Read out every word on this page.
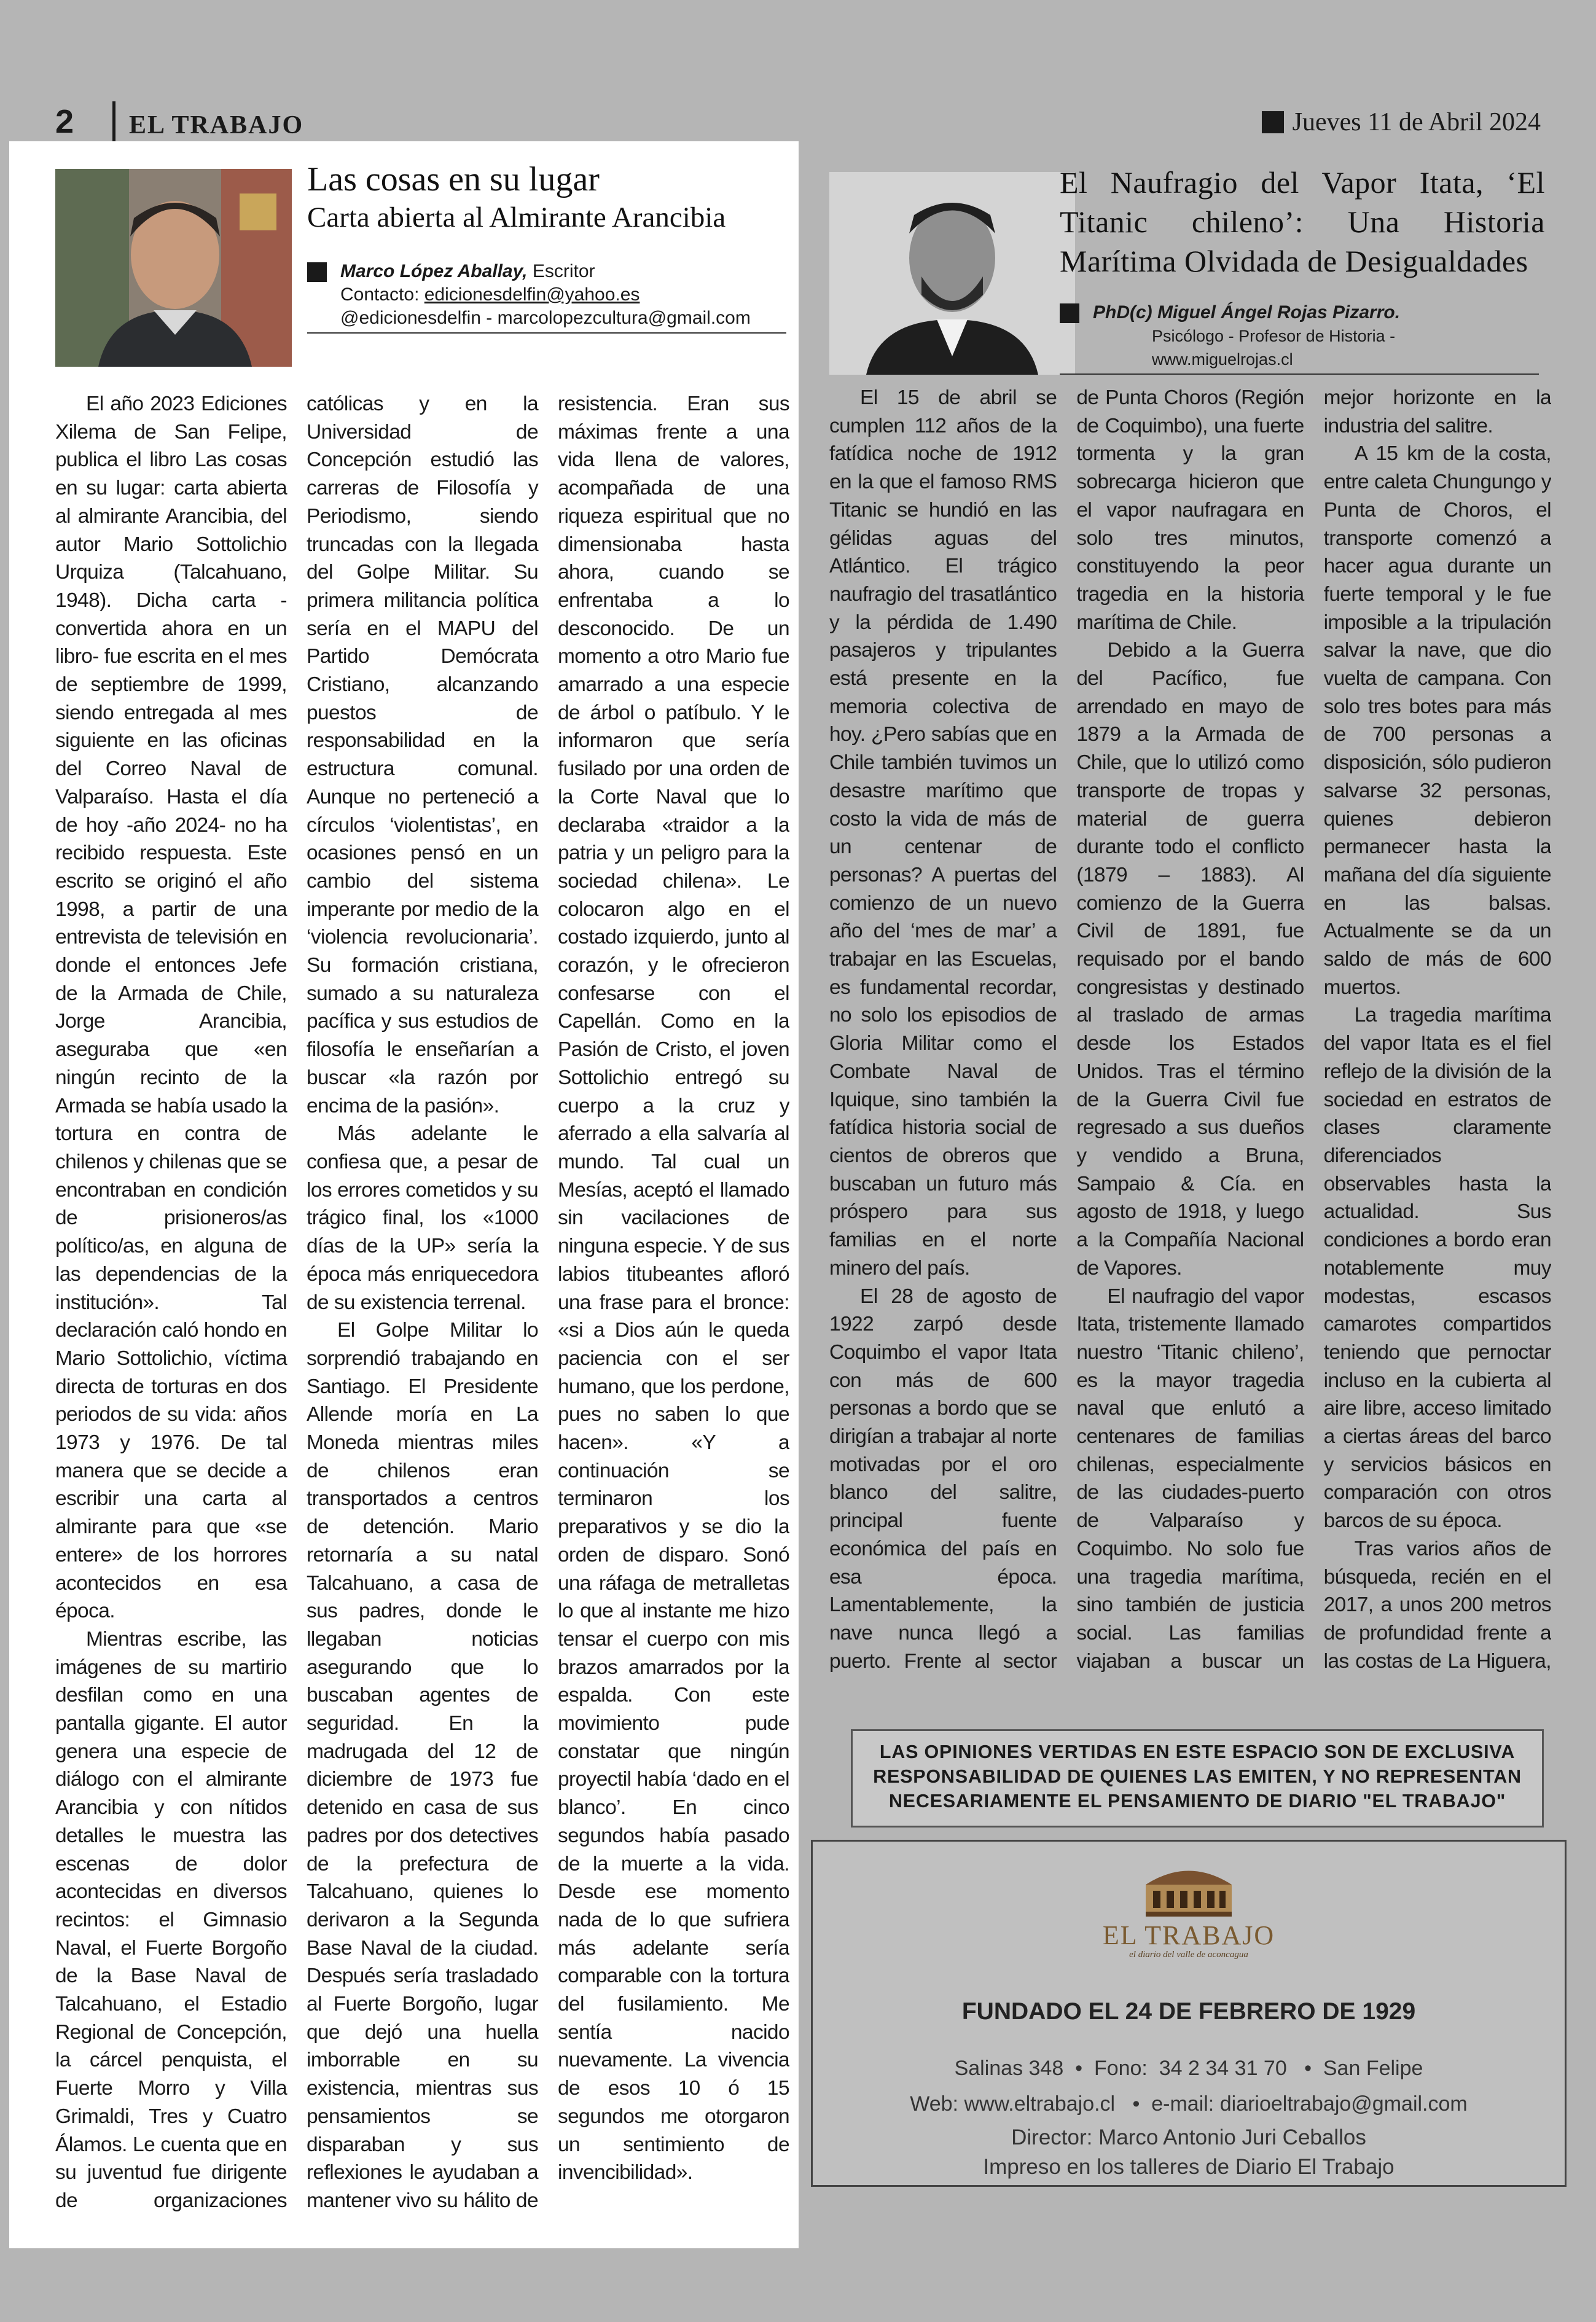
2 EL TRABAJO	Jueves 11 de Abril 2024
Las cosas en su lugar
Carta abierta al Almirante Arancibia
Marco López Aballay, Escritor
Contacto: edicionesdelfin@yahoo.es
@edicionesdelfin - marcolopezcultura@gmail.com

El año 2023 Ediciones Xilema de San Felipe, publica el libro Las cosas en su lugar: carta abierta al almirante Arancibia, del autor Mario Sottolichio Urquiza (Talcahuano, 1948). Dicha carta -convertida ahora en un libro- fue escrita en el mes de septiembre de 1999, siendo entregada al mes siguiente en las oficinas del Correo Naval de Valparaíso. Hasta el día de hoy -año 2024- no ha recibido respuesta. Este escrito se originó el año 1998, a partir de una entrevista de televisión en donde el entonces Jefe de la Armada de Chile, Jorge Arancibia, aseguraba que «en ningún recinto de la Armada se había usado la tortura en contra de chilenos y chilenas que se encontraban en condición de prisioneros/as político/as, en alguna de las dependencias de la institución». Tal declaración caló hondo en Mario Sottolichio, víctima directa de torturas en dos periodos de su vida: años 1973 y 1976. De tal manera que se decide a escribir una carta al almirante para que «se entere» de los horrores acontecidos en esa época.

Mientras escribe, las imágenes de su martirio desfilan como en una pantalla gigante. El autor genera una especie de diálogo con el almirante Arancibia y con nítidos detalles le muestra las escenas de dolor acontecidas en diversos recintos: el Gimnasio Naval, el Fuerte Borgoño de la Base Naval de Talcahuano, el Estadio Regional de Concepción, la cárcel penquista, el Fuerte Morro y Villa Grimaldi, Tres y Cuatro Álamos. Le cuenta que en su juventud fue dirigente de organizaciones católicas y en la Universidad de Concepción estudió las carreras de Filosofía y Periodismo, siendo truncadas con la llegada del Golpe Militar. Su primera militancia política sería en el MAPU del Partido Demócrata Cristiano, alcanzando puestos de responsabilidad en la estructura comunal. Aunque no perteneció a círculos ‘violentistas’, en ocasiones pensó en un cambio del sistema imperante por medio de la ‘violencia revolucionaria’. Su formación cristiana, sumado a su naturaleza pacífica y sus estudios de filosofía le enseñarían a buscar «la razón por encima de la pasión».

Más adelante le confiesa que, a pesar de los errores cometidos y su trágico final, los «1000 días de la UP» sería la época más enriquecedora de su existencia terrenal.

El Golpe Militar lo sorprendió trabajando en Santiago. El Presidente Allende moría en La Moneda mientras miles de chilenos eran transportados a centros de detención. Mario retornaría a su natal Talcahuano, a casa de sus padres, donde le llegaban noticias asegurando que lo buscaban agentes de seguridad. En la madrugada del 12 de diciembre de 1973 fue detenido en casa de sus padres por dos detectives de la prefectura de Talcahuano, quienes lo derivaron a la Segunda Base Naval de la ciudad. Después sería trasladado al Fuerte Borgoño, lugar que dejó una huella imborrable en su existencia, mientras sus pensamientos se disparaban y sus reflexiones le ayudaban a mantener vivo su hálito de resistencia. Eran sus máximas frente a una vida llena de valores, acompañada de una riqueza espiritual que no dimensionaba hasta ahora, cuando se enfrentaba a lo desconocido. De un momento a otro Mario fue amarrado a una especie de árbol o patíbulo. Y le informaron que sería fusilado por una orden de la Corte Naval que lo declaraba «traidor a la patria y un peligro para la sociedad chilena». Le colocaron algo en el costado izquierdo, junto al corazón, y le ofrecieron confesarse con el Capellán. Como en la Pasión de Cristo, el joven Sottolichio entregó su cuerpo a la cruz y aferrado a ella salvaría al mundo. Tal cual un Mesías, aceptó el llamado sin vacilaciones de ninguna especie. Y de sus labios titubeantes afloró una frase para el bronce: «si a Dios aún le queda paciencia con el ser humano, que los perdone, pues no saben lo que hacen». «Y a continuación se terminaron los preparativos y se dio la orden de disparo. Sonó una ráfaga de metralletas lo que al instante me hizo tensar el cuerpo con mis brazos amarrados por la espalda. Con este movimiento pude constatar que ningún proyectil había ‘dado en el blanco’. En cinco segundos había pasado de la muerte a la vida. Desde ese momento nada de lo que sufriera más adelante sería comparable con la tortura del fusilamiento. Me sentía nacido nuevamente. La vivencia de esos 10 ó 15 segundos me otorgaron un sentimiento de invencibilidad».

El Naufragio del Vapor Itata, ‘El Titanic chileno’: Una Historia Marítima Olvidada de Desigualdades
PhD(c) Miguel Ángel Rojas Pizarro.
Psicólogo - Profesor de Historia - www.miguelrojas.cl

El 15 de abril se cumplen 112 años de la fatídica noche de 1912 en la que el famoso RMS Titanic se hundió en las gélidas aguas del Atlántico. El trágico naufragio del trasatlántico y la pérdida de 1.490 pasajeros y tripulantes está presente en la memoria colectiva de hoy. ¿Pero sabías que en Chile también tuvimos un desastre marítimo que costo la vida de más de un centenar de personas? A puertas del comienzo de un nuevo año del ‘mes de mar’ a trabajar en las Escuelas, es fundamental recordar, no solo los episodios de Gloria Militar como el Combate Naval de Iquique, sino también la fatídica historia social de cientos de obreros que buscaban un futuro más próspero para sus familias en el norte minero del país.

El 28 de agosto de 1922 zarpó desde Coquimbo el vapor Itata con más de 600 personas a bordo que se dirigían a trabajar al norte motivadas por el oro blanco del salitre, principal fuente económica del país en esa época. Lamentablemente, la nave nunca llegó a puerto. Frente al sector de Punta Choros (Región de Coquimbo), una fuerte tormenta y la gran sobrecarga hicieron que el vapor naufragara en solo tres minutos, constituyendo la peor tragedia en la historia marítima de Chile.

Debido a la Guerra del Pacífico, fue arrendado en mayo de 1879 a la Armada de Chile, que lo utilizó como transporte de tropas y material de guerra durante todo el conflicto (1879 – 1883). Al comienzo de la Guerra Civil de 1891, fue requisado por el bando congresistas y destinado al traslado de armas desde los Estados Unidos. Tras el término de la Guerra Civil fue regresado a sus dueños y vendido a Bruna, Sampaio & Cía. en agosto de 1918, y luego a la Compañía Nacional de Vapores.

El naufragio del vapor Itata, tristemente llamado nuestro ‘Titanic chileno’, es la mayor tragedia naval que enlutó a centenares de familias chilenas, especialmente de las ciudades-puerto de Valparaíso y Coquimbo. No solo fue una tragedia marítima, sino también de justicia social. Las familias viajaban a buscar un mejor horizonte en la industria del salitre.

A 15 km de la costa, entre caleta Chungungo y Punta de Choros, el transporte comenzó a hacer agua durante un fuerte temporal y le fue imposible a la tripulación salvar la nave, que dio vuelta de campana. Con solo tres botes para más de 700 personas a disposición, sólo pudieron salvarse 32 personas, quienes debieron permanecer hasta la mañana del día siguiente en las balsas. Actualmente se da un saldo de más de 600 muertos.

La tragedia marítima del vapor Itata es el fiel reflejo de la división de la sociedad en estratos de clases claramente diferenciados observables hasta la actualidad. Sus condiciones a bordo eran notablemente muy modestas, escasos camarotes compartidos teniendo que pernoctar incluso en la cubierta al aire libre, acceso limitado a ciertas áreas del barco y servicios básicos en comparación con otros barcos de su época.

Tras varios años de búsqueda, recién en el 2017, a unos 200 metros de profundidad frente a las costas de La Higuera,

LAS OPINIONES VERTIDAS EN ESTE ESPACIO SON DE EXCLUSIVA RESPONSABILIDAD DE QUIENES LAS EMITEN, Y NO REPRESENTAN NECESARIAMENTE EL PENSAMIENTO DE DIARIO "EL TRABAJO"
EL TRABAJO
el diario del valle de aconcagua
FUNDADO EL 24 DE FEBRERO DE 1929
Salinas 348  •  Fono:  34 2 34 31 70   •  San Felipe
Web: www.eltrabajo.cl   •  e-mail: diarioeltrabajo@gmail.com
Director: Marco Antonio Juri Ceballos
Impreso en los talleres de Diario El Trabajo
